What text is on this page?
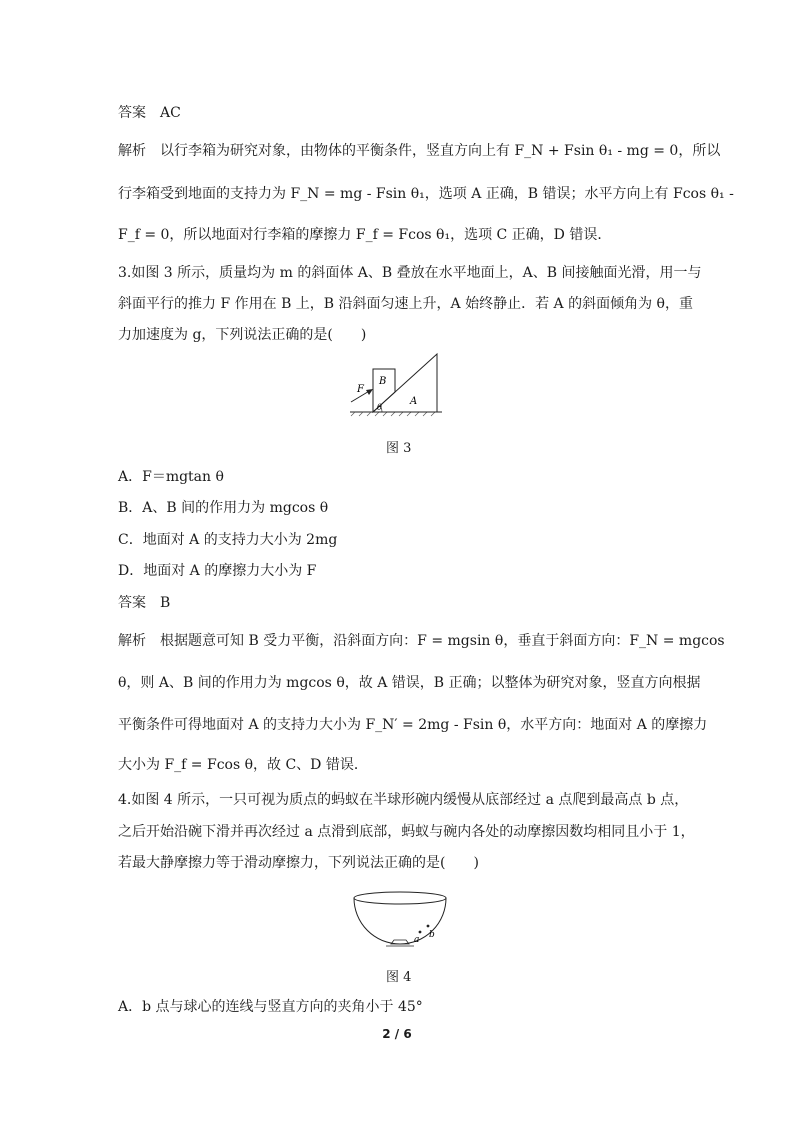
答案　AC
解析　以行李箱为研究对象，由物体的平衡条件，竖直方向上有 F_N + Fsin θ₁ - mg = 0，所以
行李箱受到地面的支持力为 F_N = mg - Fsin θ₁，选项 A 正确，B 错误；水平方向上有 Fcos θ₁ -
F_f = 0，所以地面对行李箱的摩擦力 F_f = Fcos θ₁，选项 C 正确，D 错误．
3.如图 3 所示，质量均为 m 的斜面体 A、B 叠放在水平地面上，A、B 间接触面光滑，用一与
斜面平行的推力 F 作用在 B 上，B 沿斜面匀速上升，A 始终静止．若 A 的斜面倾角为 θ，重
力加速度为 g，下列说法正确的是(　　)
F
B
A
θ
图 3
A．F＝mgtan θ
B．A、B 间的作用力为 mgcos θ
C．地面对 A 的支持力大小为 2mg
D．地面对 A 的摩擦力大小为 F
答案　B
解析　根据题意可知 B 受力平衡，沿斜面方向：F = mgsin θ，垂直于斜面方向：F_N = mgcos
θ，则 A、B 间的作用力为 mgcos θ，故 A 错误，B 正确；以整体为研究对象，竖直方向根据
平衡条件可得地面对 A 的支持力大小为 F_N′ = 2mg - Fsin θ，水平方向：地面对 A 的摩擦力
大小为 F_f = Fcos θ，故 C、D 错误．
4.如图 4 所示，一只可视为质点的蚂蚁在半球形碗内缓慢从底部经过 a 点爬到最高点 b 点，
之后开始沿碗下滑并再次经过 a 点滑到底部，蚂蚁与碗内各处的动摩擦因数均相同且小于 1，
若最大静摩擦力等于滑动摩擦力，下列说法正确的是(　　)
a b
图 4
A．b 点与球心的连线与竖直方向的夹角小于 45°
2 / 6
